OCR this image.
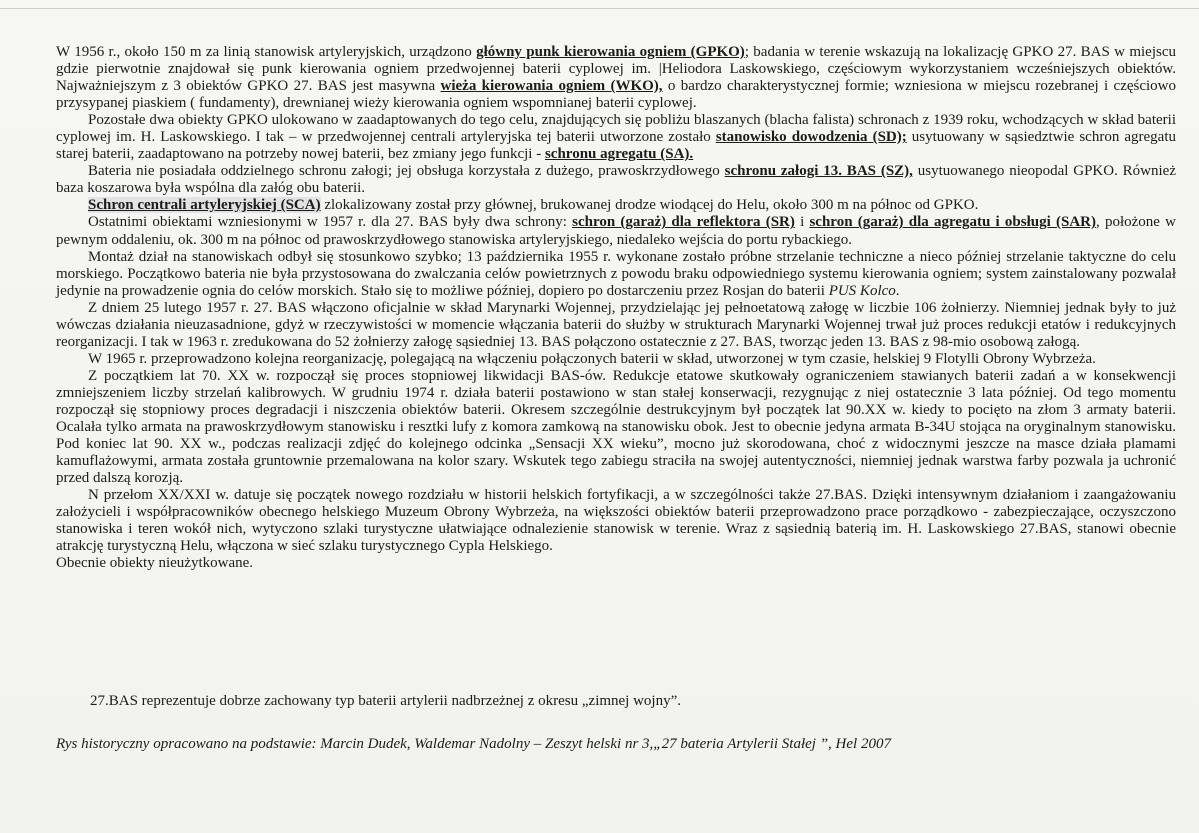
W 1956 r., około 150 m za linią stanowisk artyleryjskich, urządzono główny punk kierowania ogniem (GPKO); badania w terenie wskazują na lokalizację GPKO 27. BAS w miejscu gdzie pierwotnie znajdował się punk kierowania ogniem przedwojennej baterii cyplowej im. |Heliodora Laskowskiego, częściowym wykorzystaniem wcześniejszych obiektów. Najważniejszym z 3 obiektów GPKO 27. BAS jest masywna wieża kierowania ogniem (WKO), o bardzo charakterystycznej formie; wzniesiona w miejscu rozebranej i częściowo przysypanej piaskiem ( fundamenty), drewnianej wieży kierowania ogniem wspomnianej baterii cyplowej.

Pozostałe dwa obiekty GPKO ulokowano w zaadaptowanych do tego celu, znajdujących się pobliżu blaszanych (blacha falista) schronach z 1939 roku, wchodzących w skład baterii cyplowej im. H. Laskowskiego. I tak – w przedwojennej centrali artyleryjska tej baterii utworzone zostało stanowisko dowodzenia (SD); usytuowany w sąsiedztwie schron agregatu starej baterii, zaadaptowano na potrzeby nowej baterii, bez zmiany jego funkcji - schronu agregatu (SA).

Bateria nie posiadała oddzielnego schronu załogi; jej obsługa korzystała z dużego, prawoskrzydłowego schronu załogi 13. BAS (SZ), usytuowanego nieopodal GPKO. Również baza koszarowa była wspólna dla załóg obu baterii.

Schron centrali artyleryjskiej (SCA) zlokalizowany został przy głównej, brukowanej drodze wiodącej do Helu, około 300 m na północ od GPKO.

Ostatnimi obiektami wzniesionymi w 1957 r. dla 27. BAS były dwa schrony: schron (garaż) dla reflektora (SR) i schron (garaż) dla agregatu i obsługi (SAR), położone w pewnym oddaleniu, ok. 300 m na północ od prawoskrzydłowego stanowiska artyleryjskiego, niedaleko wejścia do portu rybackiego.

Montaż dział na stanowiskach odbył się stosunkowo szybko; 13 października 1955 r. wykonane zostało próbne strzelanie techniczne a nieco później strzelanie taktyczne do celu morskiego. Początkowo bateria nie była przystosowana do zwalczania celów powietrznych z powodu braku odpowiedniego systemu kierowania ogniem; system zainstalowany pozwalał jedynie na prowadzenie ognia do celów morskich. Stało się to możliwe później, dopiero po dostarczeniu przez Rosjan do baterii PUS Kolco.

Z dniem 25 lutego 1957 r. 27. BAS włączono oficjalnie w skład Marynarki Wojennej, przydzielając jej pełnoetatową załogę w liczbie 106 żołnierzy. Niemniej jednak były to już wówczas działania nieuzasadnione, gdyż w rzeczywistości w momencie włączania baterii do służby w strukturach Marynarki Wojennej trwał już proces redukcji etatów i redukcyjnych reorganizacji. I tak w 1963 r. zredukowana do 52 żołnierzy załogę sąsiedniej 13. BAS połączono ostatecznie z 27. BAS, tworząc jeden 13. BAS z 98-mio osobową załogą.

W 1965 r. przeprowadzono kolejna reorganizację, polegającą na włączeniu połączonych baterii w skład, utworzonej w tym czasie, helskiej 9 Flotylli Obrony Wybrzeża.

Z początkiem lat 70. XX w. rozpoczął się proces stopniowej likwidacji BAS-ów. Redukcje etatowe skutkowały ograniczeniem stawianych baterii zadań a w konsekwencji zmniejszeniem liczby strzelań kalibrowych. W grudniu 1974 r. działa baterii postawiono w stan stałej konserwacji, rezygnując z niej ostatecznie 3 lata później. Od tego momentu rozpoczął się stopniowy proces degradacji i niszczenia obiektów baterii. Okresem szczególnie destrukcyjnym był początek lat 90.XX w. kiedy to pocięto na złom 3 armaty baterii. Ocalała tylko armata na prawoskrzydłowym stanowisku i resztki lufy z komora zamkową na stanowisku obok. Jest to obecnie jedyna armata B-34U stojąca na oryginalnym stanowisku. Pod koniec lat 90. XX w., podczas realizacji zdjęć do kolejnego odcinka „Sensacji XX wieku”, mocno już skorodowana, choć z widocznymi jeszcze na masce działa plamami kamuflażowymi, armata została gruntownie przemalowana na kolor szary. Wskutek tego zabiegu straciła na swojej autentyczności, niemniej jednak warstwa farby pozwala ja uchronić przed dalszą korozją.

N przełom XX/XXI w. datuje się początek nowego rozdziału w historii helskich fortyfikacji, a w szczególności także 27.BAS. Dzięki intensywnym działaniom i zaangażowaniu założycieli i współpracowników obecnego helskiego Muzeum Obrony Wybrzeża, na większości obiektów baterii przeprowadzono prace porządkowo - zabezpieczające, oczyszczono stanowiska i teren wokół nich, wytyczono szlaki turystyczne ułatwiające odnalezienie stanowisk w terenie. Wraz z sąsiednią baterią im. H. Laskowskiego 27.BAS, stanowi obecnie atrakcję turystyczną Helu, włączona w sieć szlaku turystycznego Cypla Helskiego.

Obecnie obiekty nieużytkowane.

27.BAS reprezentuje dobrze zachowany typ baterii artylerii nadbrzeżnej z okresu „zimnej wojny”.
Rys historyczny opracowano na podstawie: Marcin Dudek, Waldemar Nadolny – Zeszyt helski nr 3,„27 bateria Artylerii Stałej ”, Hel 2007
